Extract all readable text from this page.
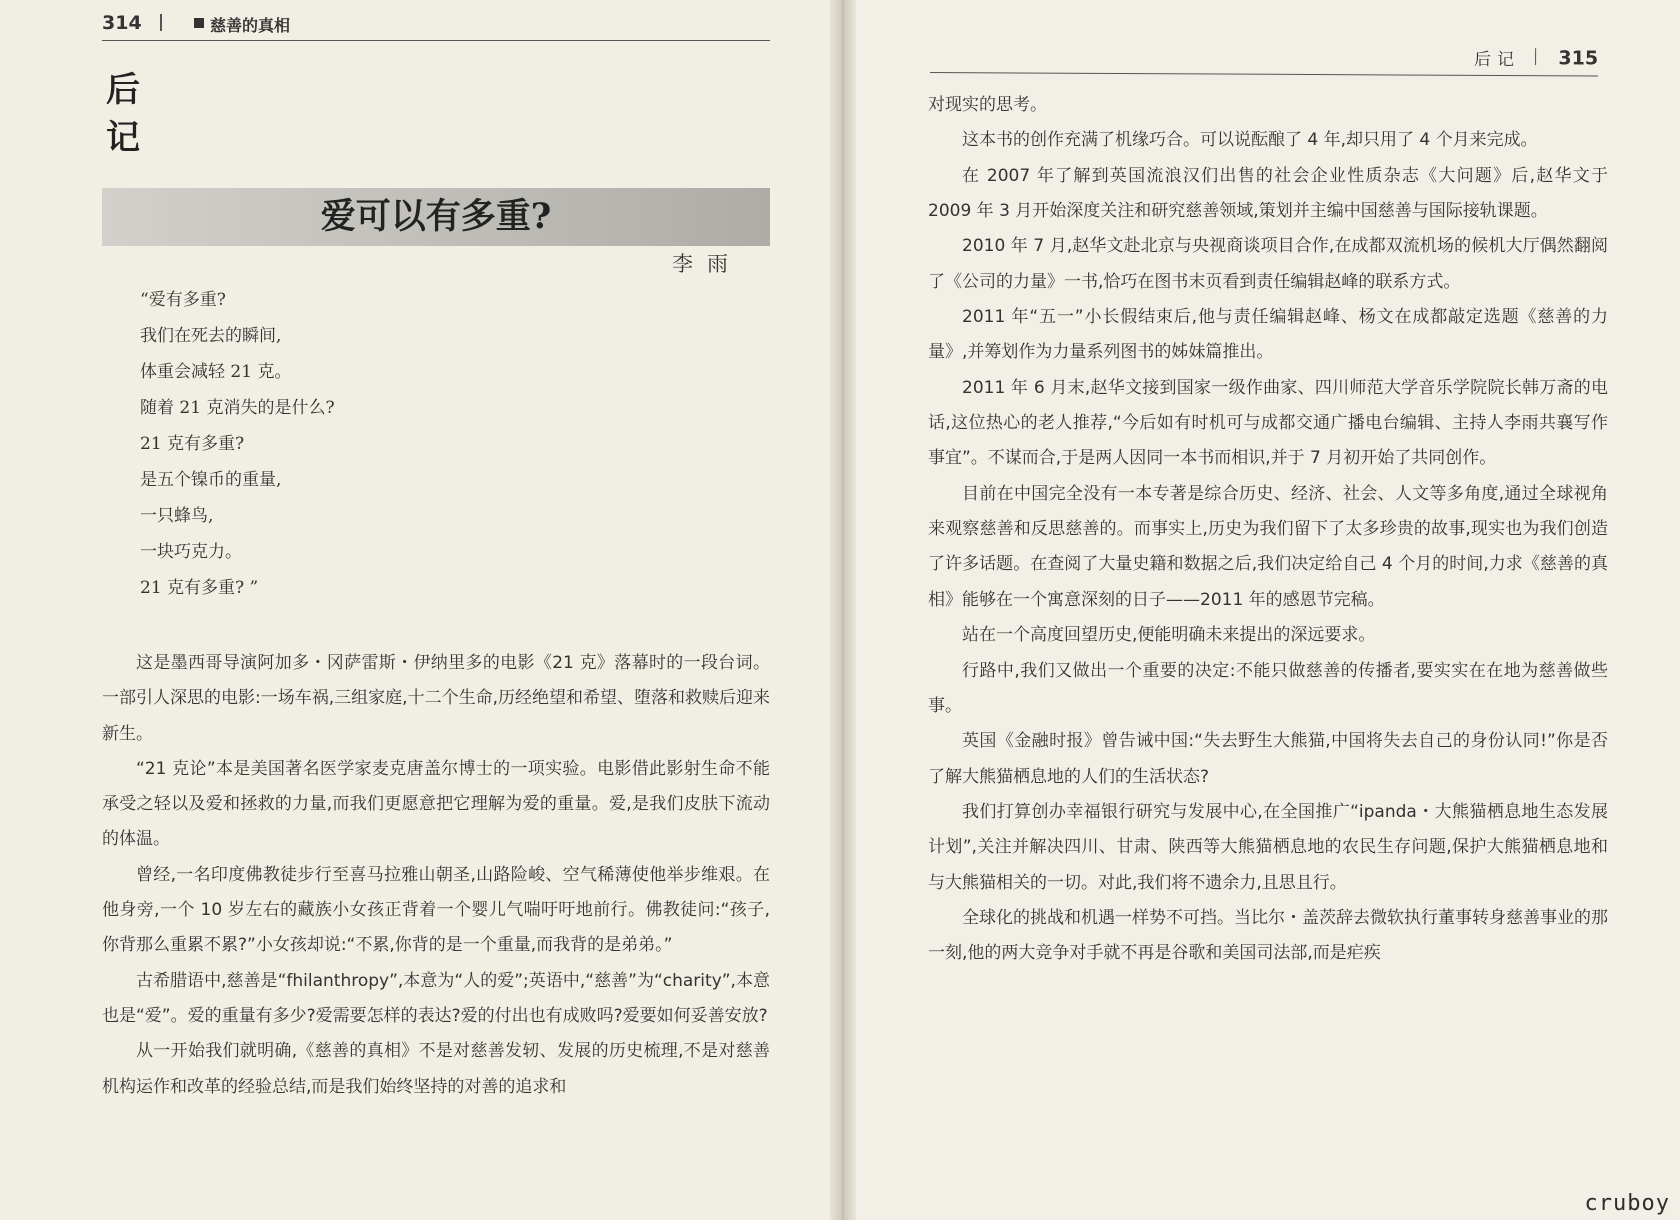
314	慈善的真相
后
记
爱可以有多重?
李雨
“爱有多重?
我们在死去的瞬间,
体重会减轻 21 克。
随着 21 克消失的是什么?
21 克有多重?
是五个镍币的重量,
一只蜂鸟,
一块巧克力。
21 克有多重? ”

这是墨西哥导演阿加多・冈萨雷斯・伊纳里多的电影《21 克》落幕时的一段台词。一部引人深思的电影:一场车祸,三组家庭,十二个生命,历经绝望和希望、堕落和救赎后迎来新生。

“21 克论”本是美国著名医学家麦克唐盖尔博士的一项实验。电影借此影射生命不能承受之轻以及爱和拯救的力量,而我们更愿意把它理解为爱的重量。爱,是我们皮肤下流动的体温。

曾经,一名印度佛教徒步行至喜马拉雅山朝圣,山路险峻、空气稀薄使他举步维艰。在他身旁,一个 10 岁左右的藏族小女孩正背着一个婴儿气喘吁吁地前行。佛教徒问:“孩子,你背那么重累不累?”小女孩却说:“不累,你背的是一个重量,而我背的是弟弟。”

古希腊语中,慈善是“fhilanthropy”,本意为“人的爱”;英语中,“慈善”为“charity”,本意也是“爱”。爱的重量有多少?爱需要怎样的表达?爱的付出也有成败吗?爱要如何妥善安放?

从一开始我们就明确,《慈善的真相》不是对慈善发轫、发展的历史梳理,不是对慈善机构运作和改革的经验总结,而是我们始终坚持的对善的追求和

后记 315

对现实的思考。

这本书的创作充满了机缘巧合。可以说酝酿了 4 年,却只用了 4 个月来完成。

在 2007 年了解到英国流浪汉们出售的社会企业性质杂志《大问题》后,赵华文于 2009 年 3 月开始深度关注和研究慈善领域,策划并主编中国慈善与国际接轨课题。

2010 年 7 月,赵华文赴北京与央视商谈项目合作,在成都双流机场的候机大厅偶然翻阅了《公司的力量》一书,恰巧在图书末页看到责任编辑赵峰的联系方式。

2011 年“五一”小长假结束后,他与责任编辑赵峰、杨文在成都敲定选题《慈善的力量》,并筹划作为力量系列图书的姊妹篇推出。

2011 年 6 月末,赵华文接到国家一级作曲家、四川师范大学音乐学院院长韩万斋的电话,这位热心的老人推荐,“今后如有时机可与成都交通广播电台编辑、主持人李雨共襄写作事宜”。不谋而合,于是两人因同一本书而相识,并于 7 月初开始了共同创作。

目前在中国完全没有一本专著是综合历史、经济、社会、人文等多角度,通过全球视角来观察慈善和反思慈善的。而事实上,历史为我们留下了太多珍贵的故事,现实也为我们创造了许多话题。在查阅了大量史籍和数据之后,我们决定给自己 4 个月的时间,力求《慈善的真相》能够在一个寓意深刻的日子——2011 年的感恩节完稿。

站在一个高度回望历史,便能明确未来提出的深远要求。

行路中,我们又做出一个重要的决定:不能只做慈善的传播者,要实实在在地为慈善做些事。

英国《金融时报》曾告诫中国:“失去野生大熊猫,中国将失去自己的身份认同!”你是否了解大熊猫栖息地的人们的生活状态?

我们打算创办幸福银行研究与发展中心,在全国推广“ipanda・大熊猫栖息地生态发展计划”,关注并解决四川、甘肃、陕西等大熊猫栖息地的农民生存问题,保护大熊猫栖息地和与大熊猫相关的一切。对此,我们将不遗余力,且思且行。

全球化的挑战和机遇一样势不可挡。当比尔・盖茨辞去微软执行董事转身慈善事业的那一刻,他的两大竞争对手就不再是谷歌和美国司法部,而是疟疾

cruboy
